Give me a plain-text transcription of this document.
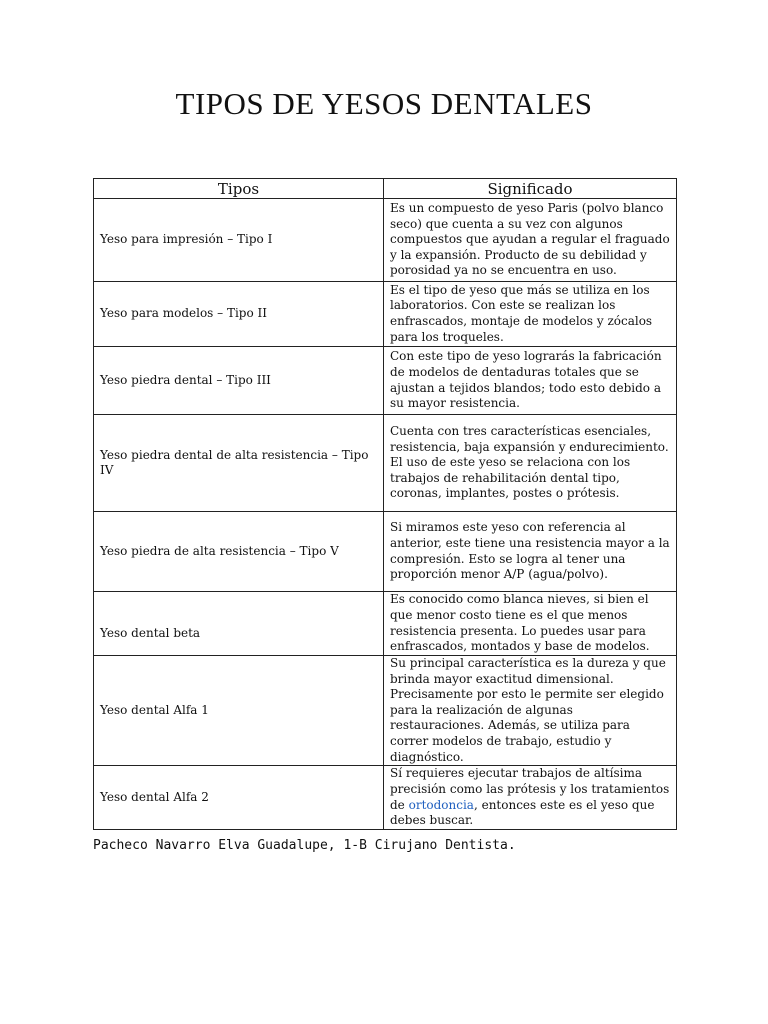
TIPOS DE YESOS DENTALES
Tipos	Significado
Yeso para impresión – Tipo I	Es un compuesto de yeso Paris (polvo blanco seco) que cuenta a su vez con algunos compuestos que ayudan a regular el fraguado y la expansión. Producto de su debilidad y porosidad ya no se encuentra en uso.
Yeso para modelos – Tipo II	Es el tipo de yeso que más se utiliza en los laboratorios. Con este se realizan los enfrascados, montaje de modelos y zócalos para los troqueles.
Yeso piedra dental – Tipo III	Con este tipo de yeso lograrás la fabricación de modelos de dentaduras totales que se ajustan a tejidos blandos; todo esto debido a su mayor resistencia.
Yeso piedra dental de alta resistencia – Tipo IV	Cuenta con tres características esenciales, resistencia, baja expansión y endurecimiento. El uso de este yeso se relaciona con los trabajos de rehabilitación dental tipo, coronas, implantes, postes o prótesis.
Yeso piedra de alta resistencia – Tipo V	Si miramos este yeso con referencia al anterior, este tiene una resistencia mayor a la compresión. Esto se logra al tener una proporción menor A/P (agua/polvo).
Yeso dental beta	Es conocido como blanca nieves, si bien el que menor costo tiene es el que menos resistencia presenta. Lo puedes usar para enfrascados, montados y base de modelos.
Yeso dental Alfa 1	Su principal característica es la dureza y que brinda mayor exactitud dimensional. Precisamente por esto le permite ser elegido para la realización de algunas restauraciones. Además, se utiliza para correr modelos de trabajo, estudio y diagnóstico.
Yeso dental Alfa 2	Sí requieres ejecutar trabajos de altísima precisión como las prótesis y los tratamientos de ortodoncia, entonces este es el yeso que debes buscar.

Pacheco Navarro Elva Guadalupe, 1-B Cirujano Dentista.
